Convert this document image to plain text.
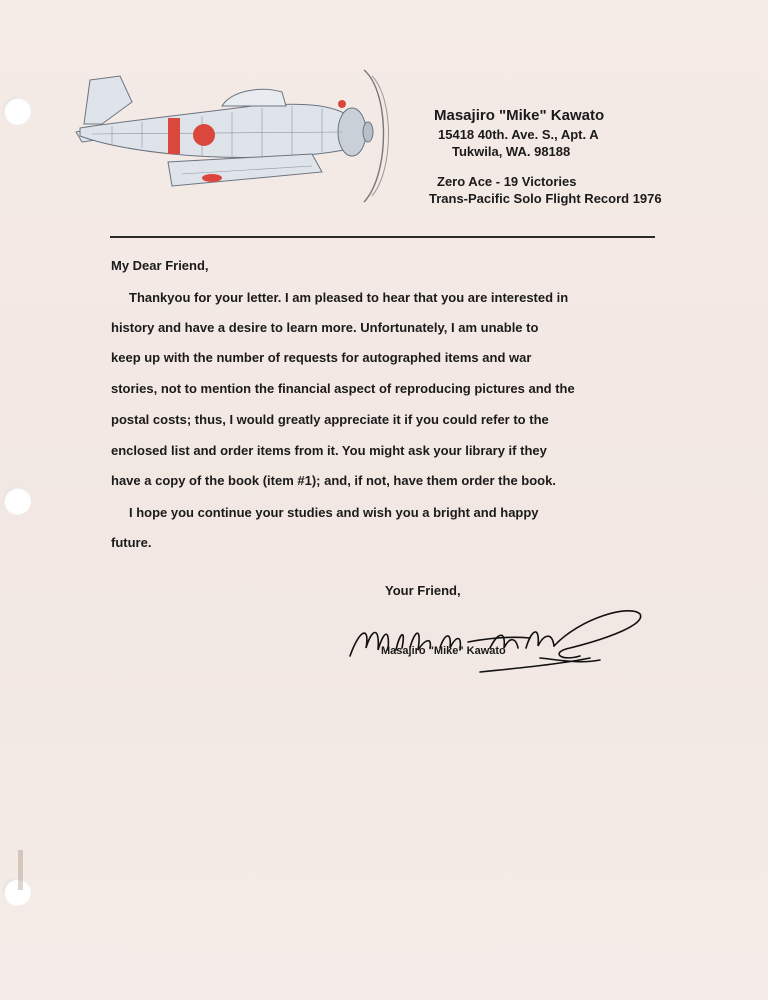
Masajiro "Mike" Kawato
15418 40th. Ave. S., Apt. A
Tukwila, WA. 98188
Zero Ace - 19 Victories
Trans-Pacific Solo Flight Record 1976
My Dear Friend,
Thankyou for your letter. I am pleased to hear that you are interested in
history and have a desire to learn more. Unfortunately, I am unable to
keep up with the number of requests for autographed items and war
stories, not to mention the financial aspect of reproducing pictures and the
postal costs; thus, I would greatly appreciate it if you could refer to the
enclosed list and order items from it. You might ask your library if they
have a copy of the book (item #1); and, if not, have them order the book.
I hope you continue your studies and wish you a bright and happy
future.
Your Friend,
Masajiro "Mike" Kawato
